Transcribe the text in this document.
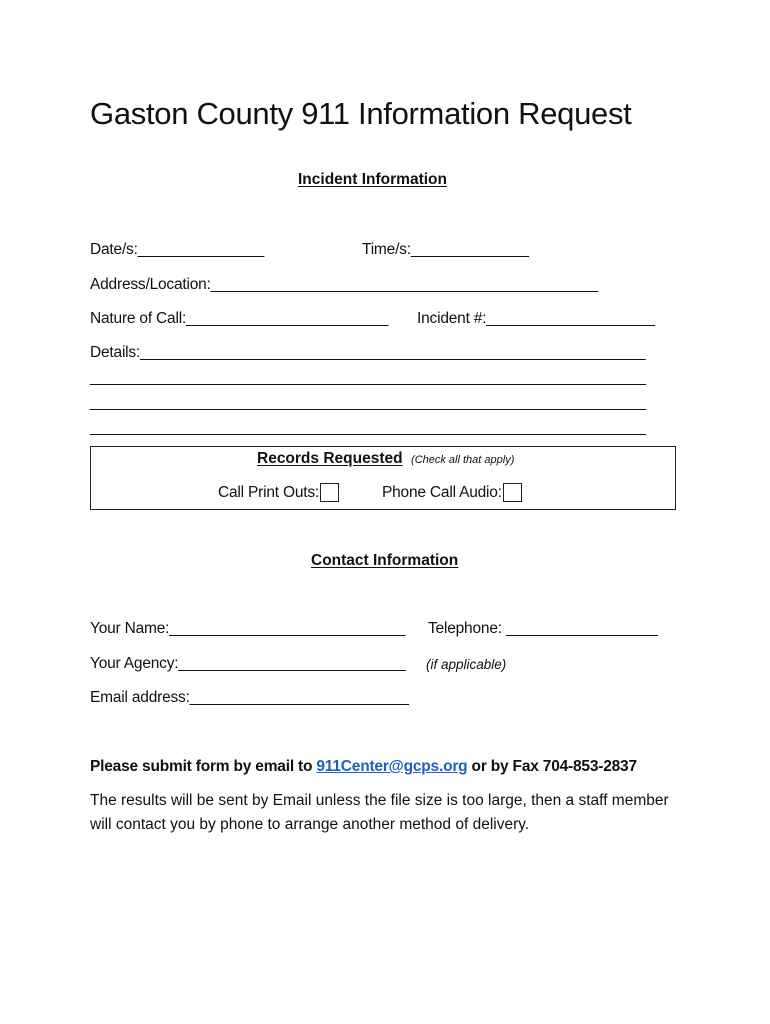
Gaston County 911 Information Request
Incident Information
Date/s:_______________	Time/s:______________
Address/Location:______________________________________________
Nature of Call:________________________ Incident #:____________________
Details:____________________________________________________________
__________________________________________________________________
__________________________________________________________________
__________________________________________________________________
Records Requested (Check all that apply)
Call Print Outs:	Phone Call Audio:
Contact Information
Your Name:____________________________ Telephone: __________________
Your Agency:___________________________ (if applicable)
Email address:__________________________
Please submit form by email to 911Center@gcps.org or by Fax 704-853-2837
The results will be sent by Email unless the file size is too large, then a staff member will contact you by phone to arrange another method of delivery.
